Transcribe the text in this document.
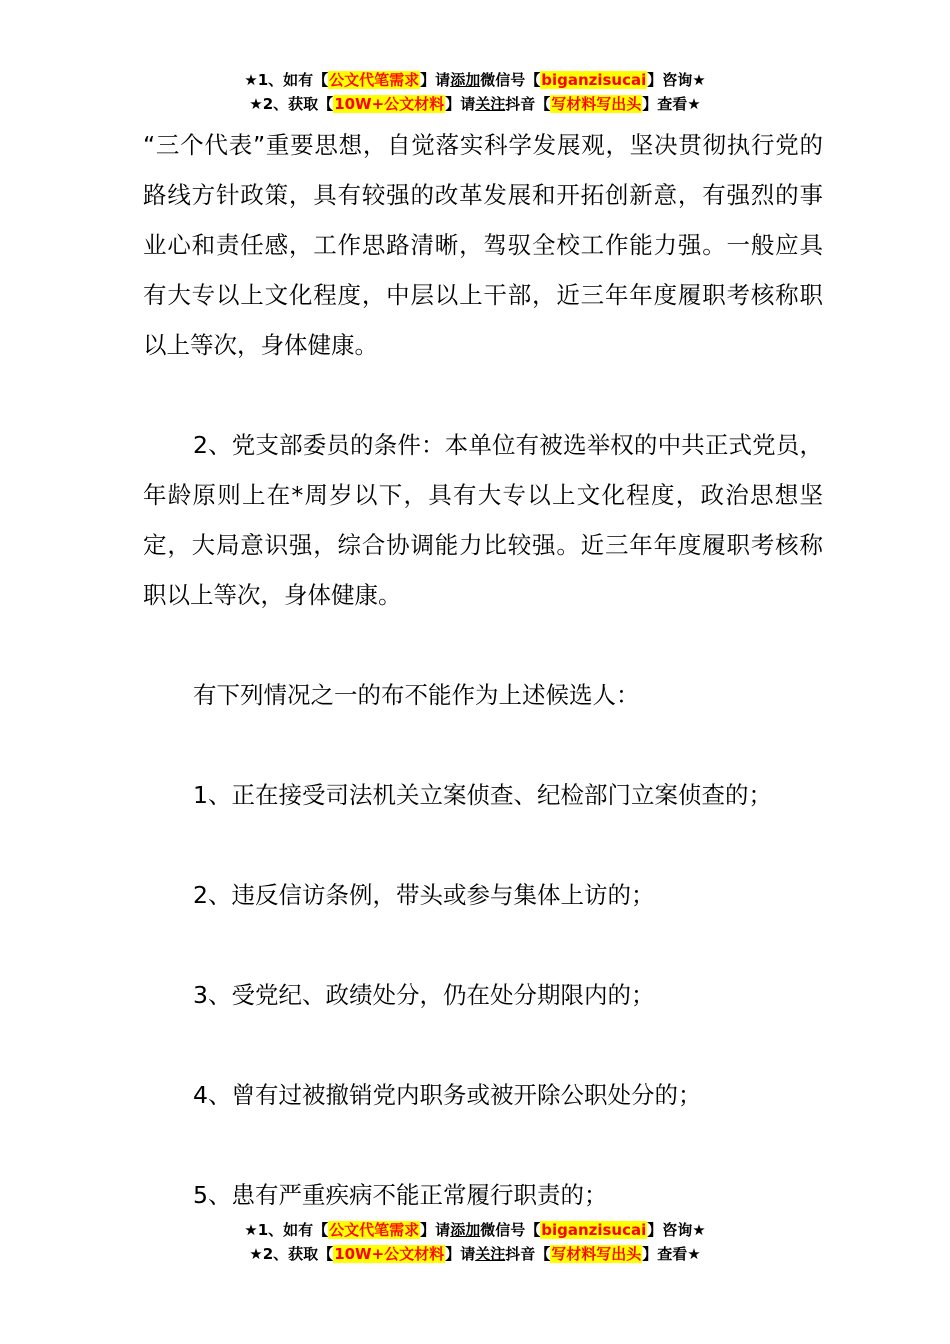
★1、如有【公文代笔需求】请添加微信号【biganzisucai】咨询★
★2、获取【10W+公文材料】请关注抖音【写材料写出头】查看★

“三个代表”重要思想，自觉落实科学发展观，坚决贯彻执行党的路线方针政策，具有较强的改革发展和开拓创新意，有强烈的事业心和责任感，工作思路清晰，驾驭全校工作能力强。一般应具有大专以上文化程度，中层以上干部，近三年年度履职考核称职以上等次，身体健康。

2、党支部委员的条件：本单位有被选举权的中共正式党员，年龄原则上在*周岁以下，具有大专以上文化程度，政治思想坚定，大局意识强，综合协调能力比较强。近三年年度履职考核称职以上等次，身体健康。

有下列情况之一的布不能作为上述候选人：

1、正在接受司法机关立案侦查、纪检部门立案侦查的；

2、违反信访条例，带头或参与集体上访的；

3、受党纪、政绩处分，仍在处分期限内的；

4、曾有过被撤销党内职务或被开除公职处分的；

5、患有严重疾病不能正常履行职责的；

★1、如有【公文代笔需求】请添加微信号【biganzisucai】咨询★
★2、获取【10W+公文材料】请关注抖音【写材料写出头】查看★
